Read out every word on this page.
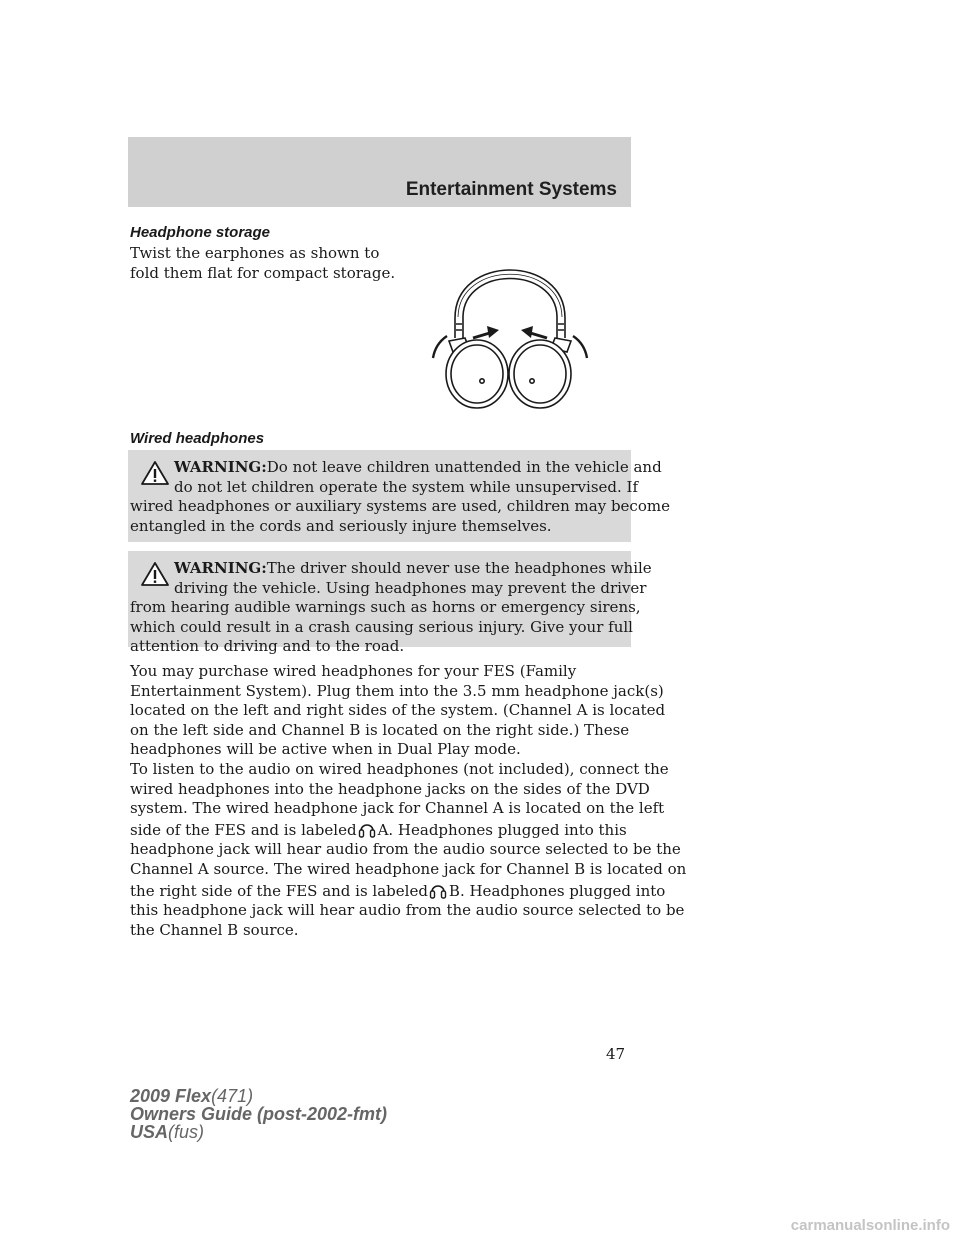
Entertainment Systems
Headphone storage
Twist the earphones as shown to
fold them flat for compact storage.
Wired headphones
WARNING:Do not leave children unattended in the vehicle and
do not let children operate the system while unsupervised. If
wired headphones or auxiliary systems are used, children may become
entangled in the cords and seriously injure themselves.
WARNING:The driver should never use the headphones while
driving the vehicle. Using headphones may prevent the driver
from hearing audible warnings such as horns or emergency sirens,
which could result in a crash causing serious injury. Give your full
attention to driving and to the road.
You may purchase wired headphones for your FES (Family
Entertainment System). Plug them into the 3.5 mm headphone jack(s)
located on the left and right sides of the system. (Channel A is located
on the left side and Channel B is located on the right side.) These
headphones will be active when in Dual Play mode.
To listen to the audio on wired headphones (not included), connect the
wired headphones into the headphone jacks on the sides of the DVD
system. The wired headphone jack for Channel A is located on the left
side of the FES and is labeled A. Headphones plugged into this
headphone jack will hear audio from the audio source selected to be the
Channel A source. The wired headphone jack for Channel B is located on
the right side of the FES and is labeled B. Headphones plugged into
this headphone jack will hear audio from the audio source selected to be
the Channel B source.
47
2009 Flex(471)
Owners Guide (post-2002-fmt)
USA(fus)
carmanualsonline.info
